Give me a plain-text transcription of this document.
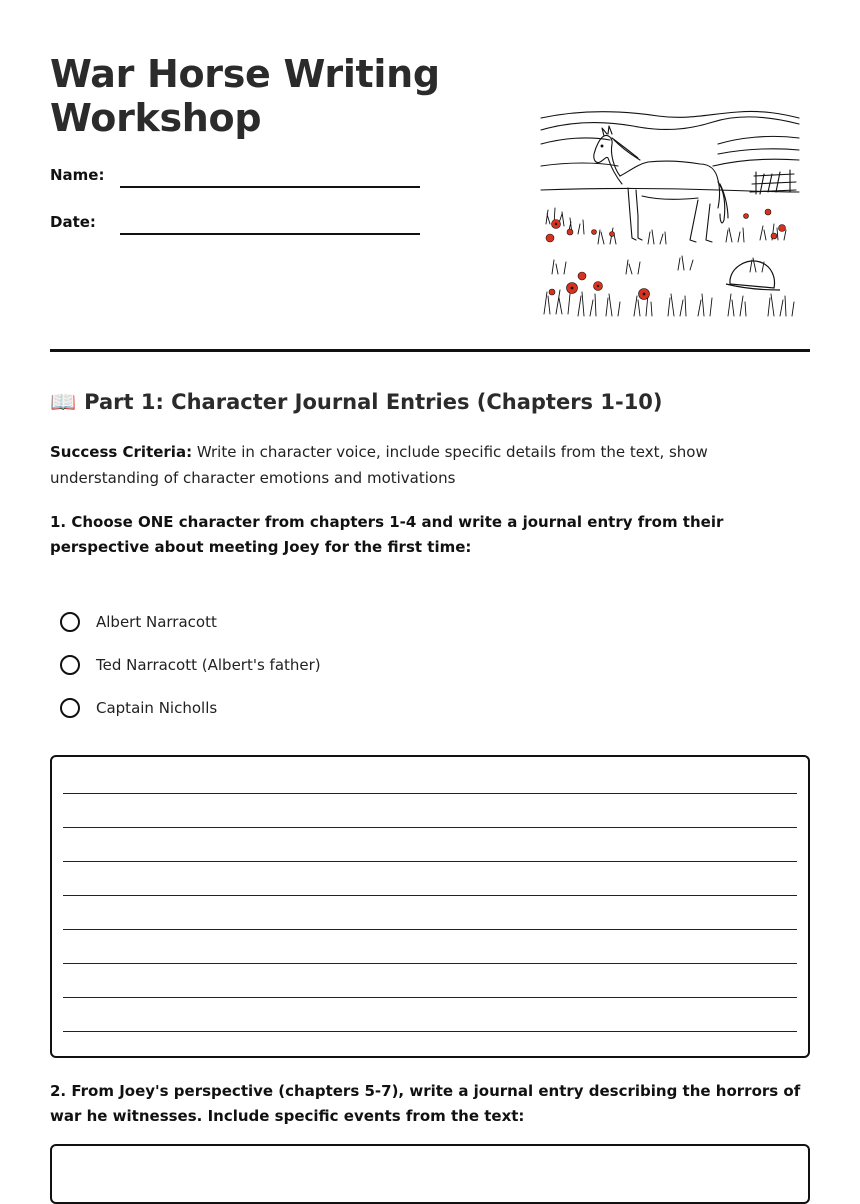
War Horse Writing Workshop
Name:
Date:
📖 Part 1: Character Journal Entries (Chapters 1-10)

Success Criteria: Write in character voice, include specific details from the text, show understanding of character emotions and motivations

1. Choose ONE character from chapters 1-4 and write a journal entry from their perspective about meeting Joey for the first time:

Albert Narracott
Ted Narracott (Albert's father)
Captain Nicholls

2. From Joey's perspective (chapters 5-7), write a journal entry describing the horrors of war he witnesses. Include specific events from the text:
